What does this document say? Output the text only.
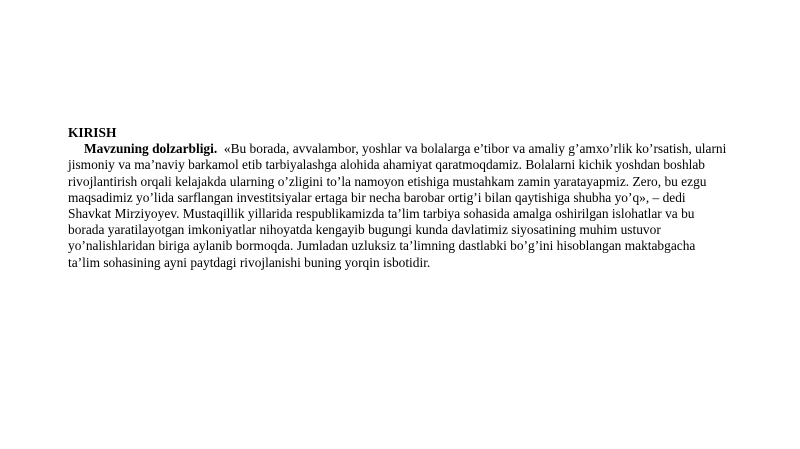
KIRISH

Mavzuning dolzarbligi. «Bu borada, avvalambor, yoshlar va bolalarga e’tibor va amaliy g’amxo’rlik ko’rsatish, ularni jismoniy va ma’naviy barkamol etib tarbiyalashga alohida ahamiyat qaratmoqdamiz. Bolalarni kichik yoshdan boshlab rivojlantirish orqali kelajakda ularning o’zligini to’la namoyon etishiga mustahkam zamin yaratayapmiz. Zero, bu ezgu maqsadimiz yo’lida sarflangan investitsiyalar ertaga bir necha barobar ortig’i bilan qaytishiga shubha yo’q», – dedi Shavkat Mirziyoyev. Mustaqillik yillarida respublikamizda ta’lim tarbiya sohasida amalga oshirilgan islohatlar va bu borada yaratilayotgan imkoniyatlar nihoyatda kengayib bugungi kunda davlatimiz siyosatining muhim ustuvor yo’nalishlaridan biriga aylanib bormoqda. Jumladan uzluksiz ta’limning dastlabki bo’g’ini hisoblangan maktabgacha ta’lim sohasining ayni paytdagi rivojlanishi buning yorqin isbotidir.
